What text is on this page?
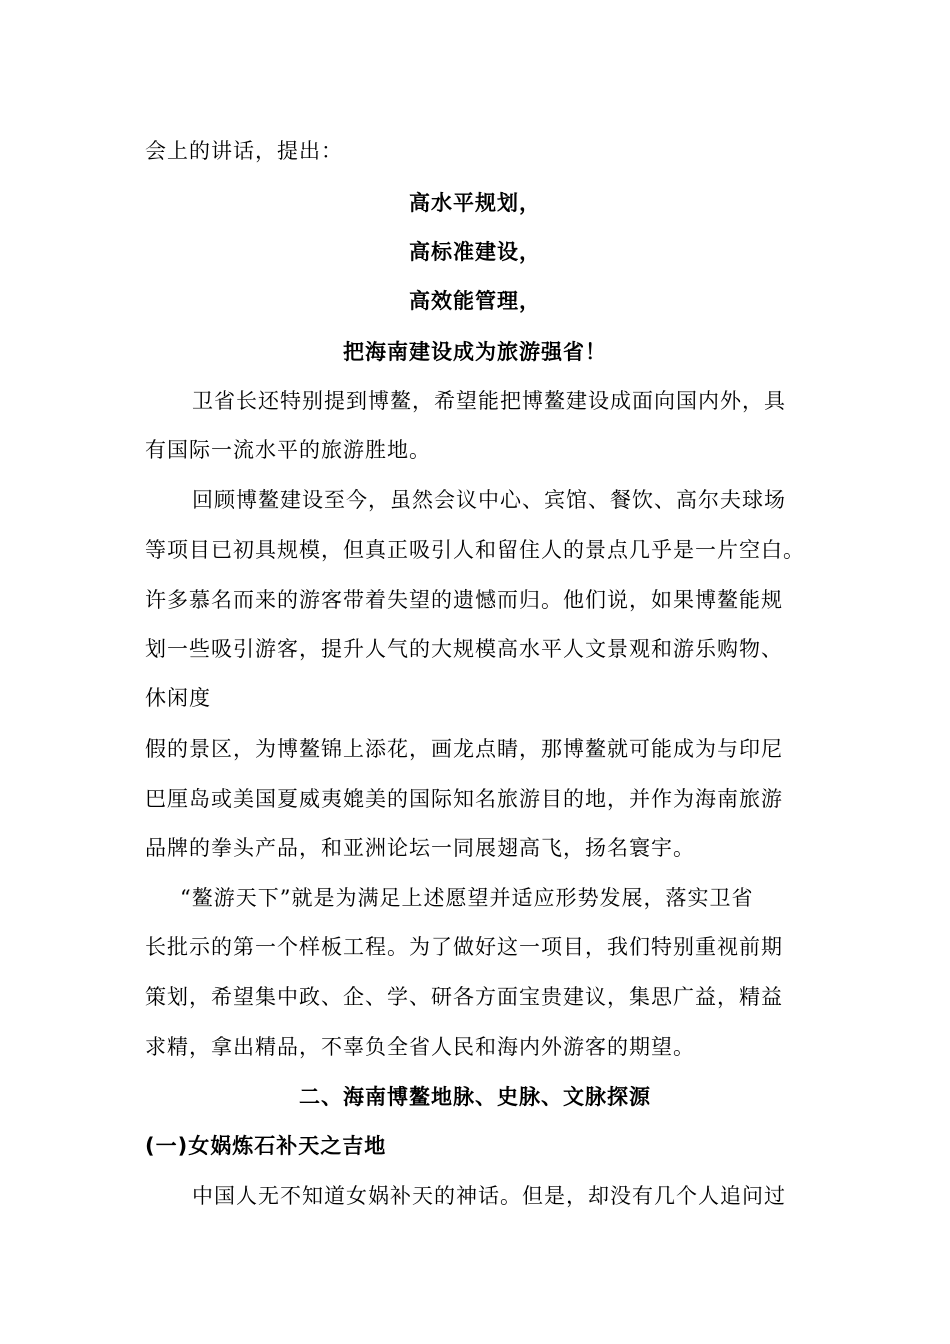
会上的讲话，提出：
高水平规划，
高标准建设，
高效能管理，
把海南建设成为旅游强省！
卫省长还特别提到博鳌，希望能把博鳌建设成面向国内外，具
有国际一流水平的旅游胜地。
回顾博鳌建设至今，虽然会议中心、宾馆、餐饮、高尔夫球场
等项目已初具规模，但真正吸引人和留住人的景点几乎是一片空白。
许多慕名而来的游客带着失望的遗憾而归。他们说，如果博鳌能规
划一些吸引游客，提升人气的大规模高水平人文景观和游乐购物、
休闲度
假的景区，为博鳌锦上添花，画龙点睛，那博鳌就可能成为与印尼
巴厘岛或美国夏威夷媲美的国际知名旅游目的地，并作为海南旅游
品牌的拳头产品，和亚洲论坛一同展翅高飞，扬名寰宇。
“鳌游天下”就是为满足上述愿望并适应形势发展，落实卫省
长批示的第一个样板工程。为了做好这一项目，我们特别重视前期
策划，希望集中政、企、学、研各方面宝贵建议，集思广益，精益
求精，拿出精品，不辜负全省人民和海内外游客的期望。
二、海南博鳌地脉、史脉、文脉探源
(一)女娲炼石补天之吉地
中国人无不知道女娲补天的神话。但是，却没有几个人追问过
